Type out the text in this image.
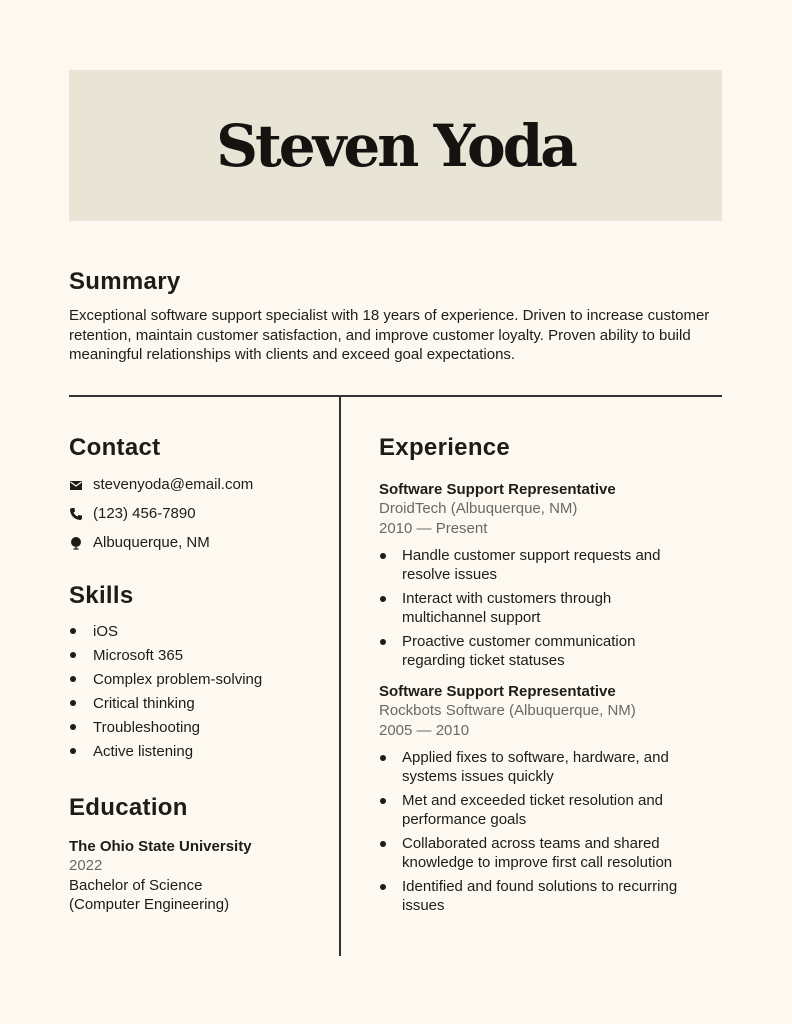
Steven Yoda
Summary

Exceptional software support specialist with 18 years of experience. Driven to increase customer retention, maintain customer satisfaction, and improve customer loyalty. Proven ability to build meaningful relationships with clients and exceed goal expectations.

Contact
stevenyoda@email.com
(123) 456-7890
Albuquerque, NM
Skills
iOS
Microsoft 365
Complex problem-solving
Critical thinking
Troubleshooting
Active listening
Education
The Ohio State University
2022
Bachelor of Science
(Computer Engineering)
Experience
Software Support Representative
DroidTech (Albuquerque, NM)
2010 — Present
Handle customer support requests and resolve issues
Interact with customers through multichannel support
Proactive customer communication regarding ticket statuses
Software Support Representative
Rockbots Software (Albuquerque, NM)
2005 — 2010
Applied fixes to software, hardware, and systems issues quickly
Met and exceeded ticket resolution and performance goals
Collaborated across teams and shared knowledge to improve first call resolution
Identified and found solutions to recurring issues
